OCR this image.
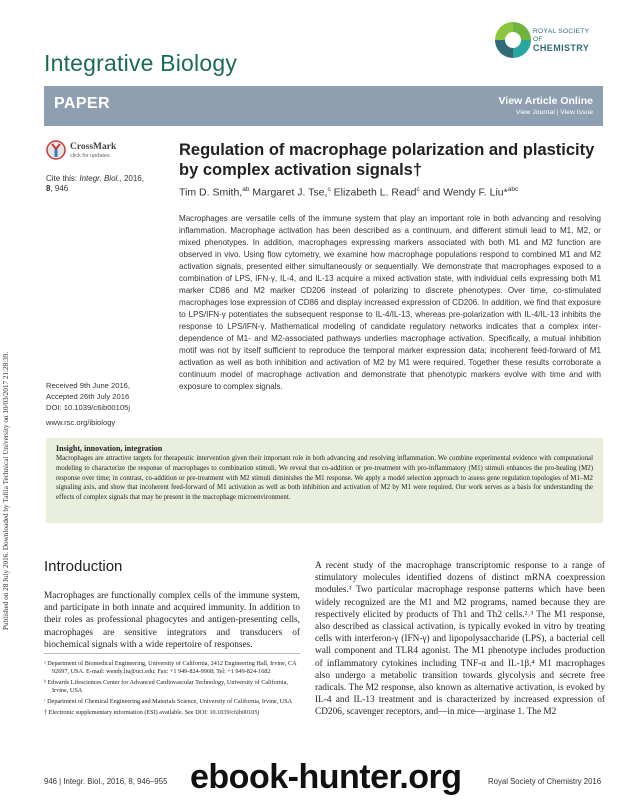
Published on 28 July 2016. Downloaded by Tafila Technical University on 10/03/2017 21:28:39.
Integrative Biology
ROYAL SOCIETY
OF
CHEMISTRY
PAPER	View Article Online
View Journal | View Issue
CrossMark
click for updates
Cite this: Integr. Biol., 2016,
8, 946
Received 9th June 2016,
Accepted 26th July 2016
DOI: 10.1039/c6ib00105j
www.rsc.org/ibiology
Regulation of macrophage polarization and plasticity by complex activation signals†
Tim D. Smith,$^{ab}$ Margaret J. Tse,$^c$ Elizabeth L. Read$^c$ and Wendy F. Liu*$^{abc}$
Macrophages are versatile cells of the immune system that play an important role in both advancing and resolving inflammation. Macrophage activation has been described as a continuum, and different stimuli lead to M1, M2, or mixed phenotypes. In addition, macrophages expressing markers associated with both M1 and M2 function are observed in vivo. Using flow cytometry, we examine how macrophage populations respond to combined M1 and M2 activation signals, presented either simultaneously or sequentially. We demonstrate that macrophages exposed to a combination of LPS, IFN-γ, IL-4, and IL-13 acquire a mixed activation state, with individual cells expressing both M1 marker CD86 and M2 marker CD206 instead of polarizing to discrete phenotypes. Over time, co-stimulated macrophages lose expression of CD86 and display increased expression of CD206. In addition, we find that exposure to LPS/IFN-γ potentiates the subsequent response to IL-4/IL-13, whereas pre-polarization with IL-4/IL-13 inhibits the response to LPS/IFN-γ. Mathematical modeling of candidate regulatory networks indicates that a complex inter-dependence of M1- and M2-associated pathways underlies macrophage activation. Specifically, a mutual inhibition motif was not by itself sufficient to reproduce the temporal marker expression data; incoherent feed-forward of M1 activation as well as both inhibition and activation of M2 by M1 were required. Together these results corroborate a continuum model of macrophage activation and demonstrate that phenotypic markers evolve with time and with exposure to complex signals.
Insight, innovation, integration
Macrophages are attractive targets for therapeutic intervention given their important role in both advancing and resolving inflammation. We combine experimental evidence with computational modeling to characterize the response of macrophages to combination stimuli. We reveal that co-addition or pre-treatment with pro-inflammatory (M1) stimuli enhances the pro-healing (M2) response over time; in contrast, co-addition or pre-treatment with M2 stimuli diminishes the M1 response. We apply a model selection approach to assess gene regulation topologies of M1–M2 signaling axis, and show that incoherent feed-forward of M1 activation as well as both inhibition and activation of M2 by M1 were required. Our work serves as a basis for understanding the effects of complex signals that may be present in the macrophage microenvironment.
Introduction
Macrophages are functionally complex cells of the immune system, and participate in both innate and acquired immunity. In addition to their roles as professional phagocytes and antigen-presenting cells, macrophages are sensitive integrators and transducers of biochemical signals with a wide repertoire of responses.

ᵃ Department of Biomedical Engineering, University of California, 2412 Engineering Hall, Irvine, CA 92697, USA. E-mail: wendy.liu@uci.edu; Fax: +1 949-824-9968; Tel: +1 949-824-1682

ᵇ Edwards Lifesciences Center for Advanced Cardiovascular Technology, University of California, Irvine, USA

ᶜ Department of Chemical Engineering and Materials Science, University of California, Irvine, USA

† Electronic supplementary information (ESI) available. See DOI: 10.1039/c6ib00105j

A recent study of the macrophage transcriptomic response to a range of stimulatory molecules identified dozens of distinct mRNA coexpression modules.¹ Two particular macrophage response patterns which have been widely recognized are the M1 and M2 programs, named because they are respectively elicited by products of Th1 and Th2 cells.²˒³ The M1 response, also described as classical activation, is typically evoked in vitro by treating cells with interferon-γ (IFN-γ) and lipopolysaccharide (LPS), a bacterial cell wall component and TLR4 agonist. The M1 phenotype includes production of inflammatory cytokines including TNF-α and IL-1β.⁴ M1 macrophages also undergo a metabolic transition towards glycolysis and secrete free radicals. The M2 response, also known as alternative activation, is evoked by IL-4 and IL-13 treatment and is characterized by increased expression of CD206, scavenger receptors, and—in mice—arginase 1. The M2
946 | Integr. Biol., 2016, 8, 946–955	Royal Society of Chemistry 2016
ebook-hunter.org
